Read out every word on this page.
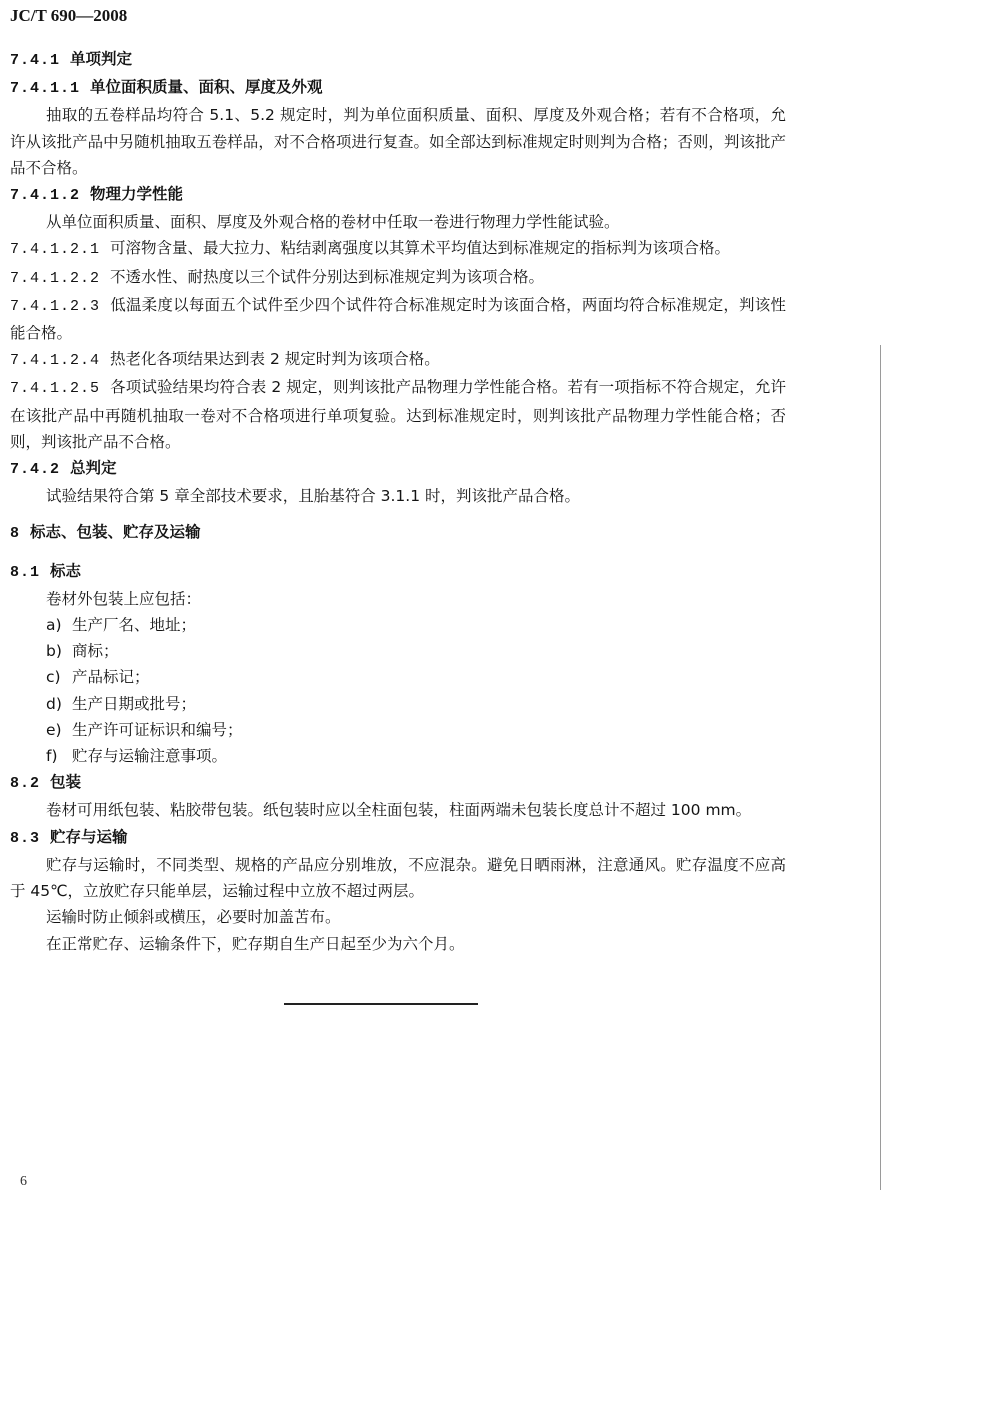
JC/T 690—2008
7.4.1 单项判定
7.4.1.1 单位面积质量、面积、厚度及外观
抽取的五卷样品均符合 5.1、5.2 规定时，判为单位面积质量、面积、厚度及外观合格；若有不合格项，允许从该批产品中另随机抽取五卷样品，对不合格项进行复查。如全部达到标准规定时则判为合格；否则，判该批产品不合格。
7.4.1.2 物理力学性能
从单位面积质量、面积、厚度及外观合格的卷材中任取一卷进行物理力学性能试验。
7.4.1.2.1 可溶物含量、最大拉力、粘结剥离强度以其算术平均值达到标准规定的指标判为该项合格。
7.4.1.2.2 不透水性、耐热度以三个试件分别达到标准规定判为该项合格。
7.4.1.2.3 低温柔度以每面五个试件至少四个试件符合标准规定时为该面合格，两面均符合标准规定，判该性能合格。
7.4.1.2.4 热老化各项结果达到表 2 规定时判为该项合格。
7.4.1.2.5 各项试验结果均符合表 2 规定，则判该批产品物理力学性能合格。若有一项指标不符合规定，允许在该批产品中再随机抽取一卷对不合格项进行单项复验。达到标准规定时，则判该批产品物理力学性能合格；否则，判该批产品不合格。
7.4.2 总判定
试验结果符合第 5 章全部技术要求，且胎基符合 3.1.1 时，判该批产品合格。
8 标志、包装、贮存及运输
8.1 标志
卷材外包装上应包括：
a) 生产厂名、地址；
b) 商标；
c) 产品标记；
d) 生产日期或批号；
e) 生产许可证标识和编号；
f) 贮存与运输注意事项。
8.2 包装
卷材可用纸包装、粘胶带包装。纸包装时应以全柱面包装，柱面两端未包装长度总计不超过 100 mm。
8.3 贮存与运输
贮存与运输时，不同类型、规格的产品应分别堆放，不应混杂。避免日晒雨淋，注意通风。贮存温度不应高于 45℃，立放贮存只能单层，运输过程中立放不超过两层。
运输时防止倾斜或横压，必要时加盖苫布。
在正常贮存、运输条件下，贮存期自生产日起至少为六个月。
6
